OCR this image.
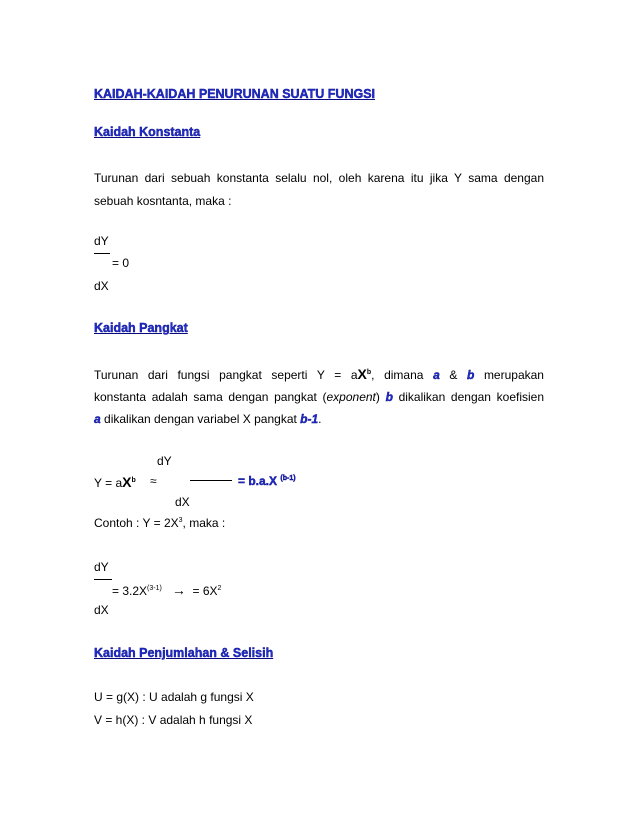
KAIDAH-KAIDAH PENURUNAN SUATU FUNGSI
Kaidah Konstanta
Turunan dari sebuah konstanta selalu nol, oleh karena itu jika Y sama dengan
sebuah kosntanta, maka :
dY
= 0
dX
Kaidah Pangkat
Turunan dari fungsi pangkat seperti $Y = aX^b$, dimana a & b merupakan
konstanta adalah sama dengan pangkat (exponent) b dikalikan dengan koefisien
a dikalikan dengan variabel X pangkat b-1.
dY
$Y = aX^b$ ≈	= b.a.X $^{(b-1)}$
dX
Contoh : $Y = 2X^3$, maka :
dY
= $3.2X^{(3-1)}$ → = $6X^2$
dX
Kaidah Penjumlahan & Selisih
U = g(X) : U adalah g fungsi X
V = h(X) : V adalah h fungsi X
